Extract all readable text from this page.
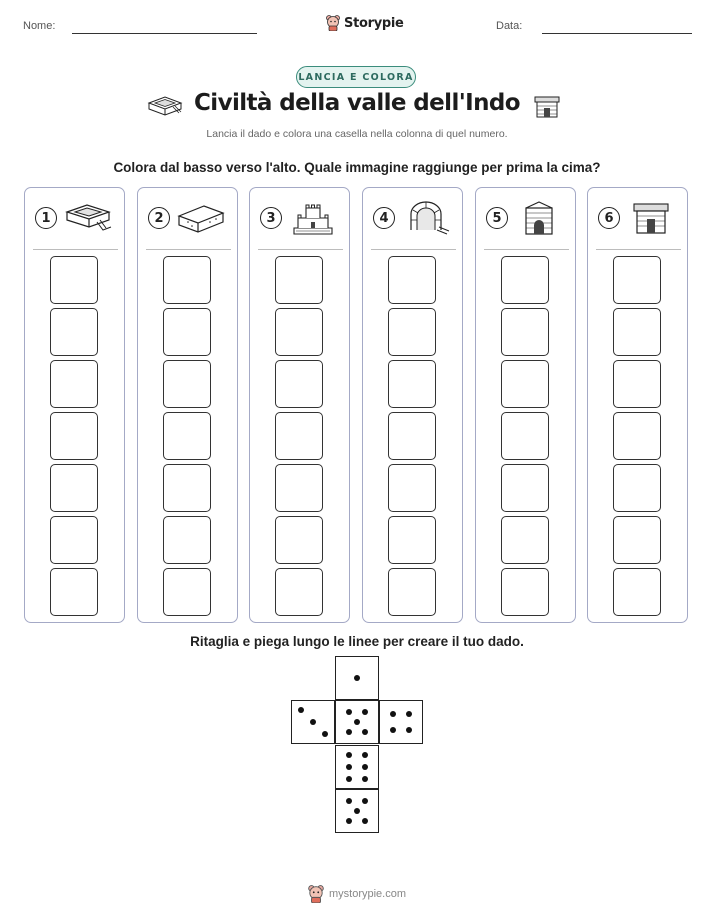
Nome:	Storypie	Data:
LANCIA E COLORA
Civiltà della valle dell'Indo
Lancia il dado e colora una casella nella colonna di quel numero.
Colora dal basso verso l'alto. Quale immagine raggiunge per prima la cima?
1	2	3	4	5	6
Ritaglia e piega lungo le linee per creare il tuo dado.
mystorypie.com
